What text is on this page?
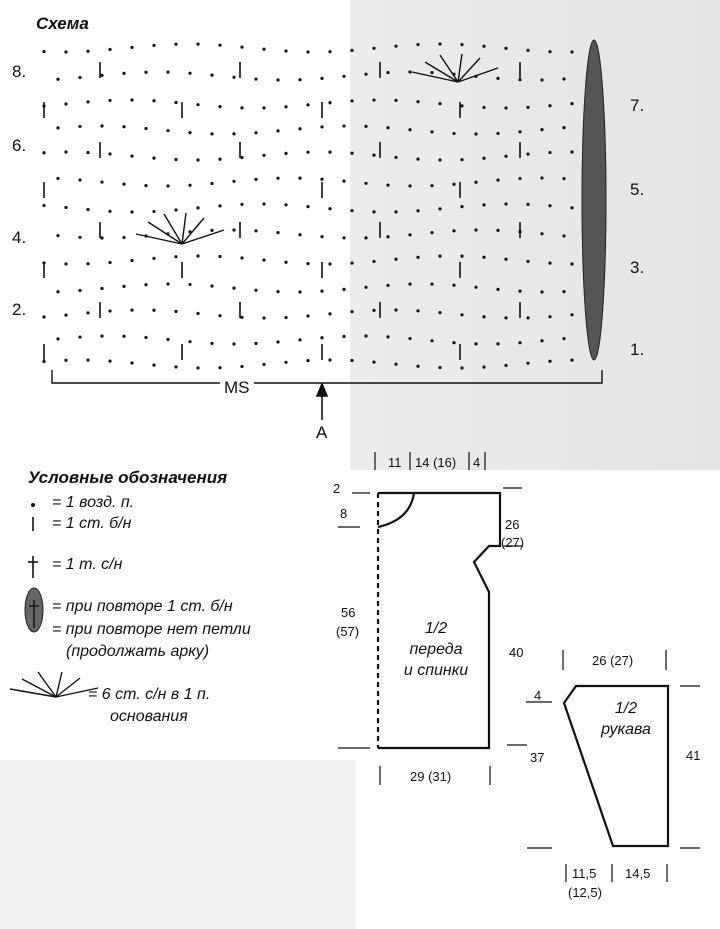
Схема
8.
6.
4.
2.
7.
5.
3.
1.
MS
A
Условные обозначения
= 1 возд. п.
= 1 ст. б/н
= 1 т. с/н
= при повторе 1 ст. б/н
= при повторе нет петли
(продолжать арку)
= 6 ст. с/н в 1 п.
основания
11 14 (16) 4
2
8
26
(27)
56
(57)
40
29 (31)
1/2
переда
и спинки
26 (27)
4
37	41
11,5
(12,5)
14,5
1/2
рукава
